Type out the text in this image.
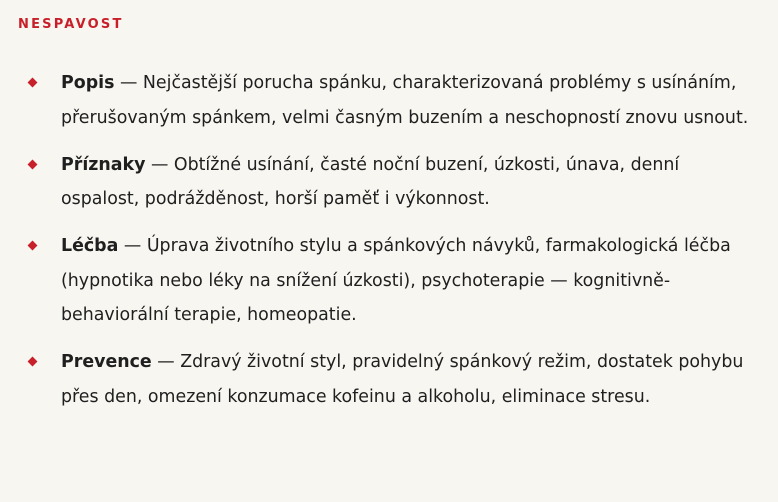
NESPAVOST
Popis — Nejčastější porucha spánku, charakterizovaná problémy s usínáním, přerušovaným spánkem, velmi časným buzením a neschopností znovu usnout.
Příznaky — Obtížné usínání, časté noční buzení, úzkosti, únava, denní ospalost, podrážděnost, horší paměť i výkonnost.
Léčba — Úprava životního stylu a spánkových návyků, farmakologická léčba (hypnotika nebo léky na snížení úzkosti), psychoterapie — kognitivně-behaviorální terapie, homeopatie.
Prevence — Zdravý životní styl, pravidelný spánkový režim, dostatek pohybu přes den, omezení konzumace kofeinu a alkoholu, eliminace stresu.
